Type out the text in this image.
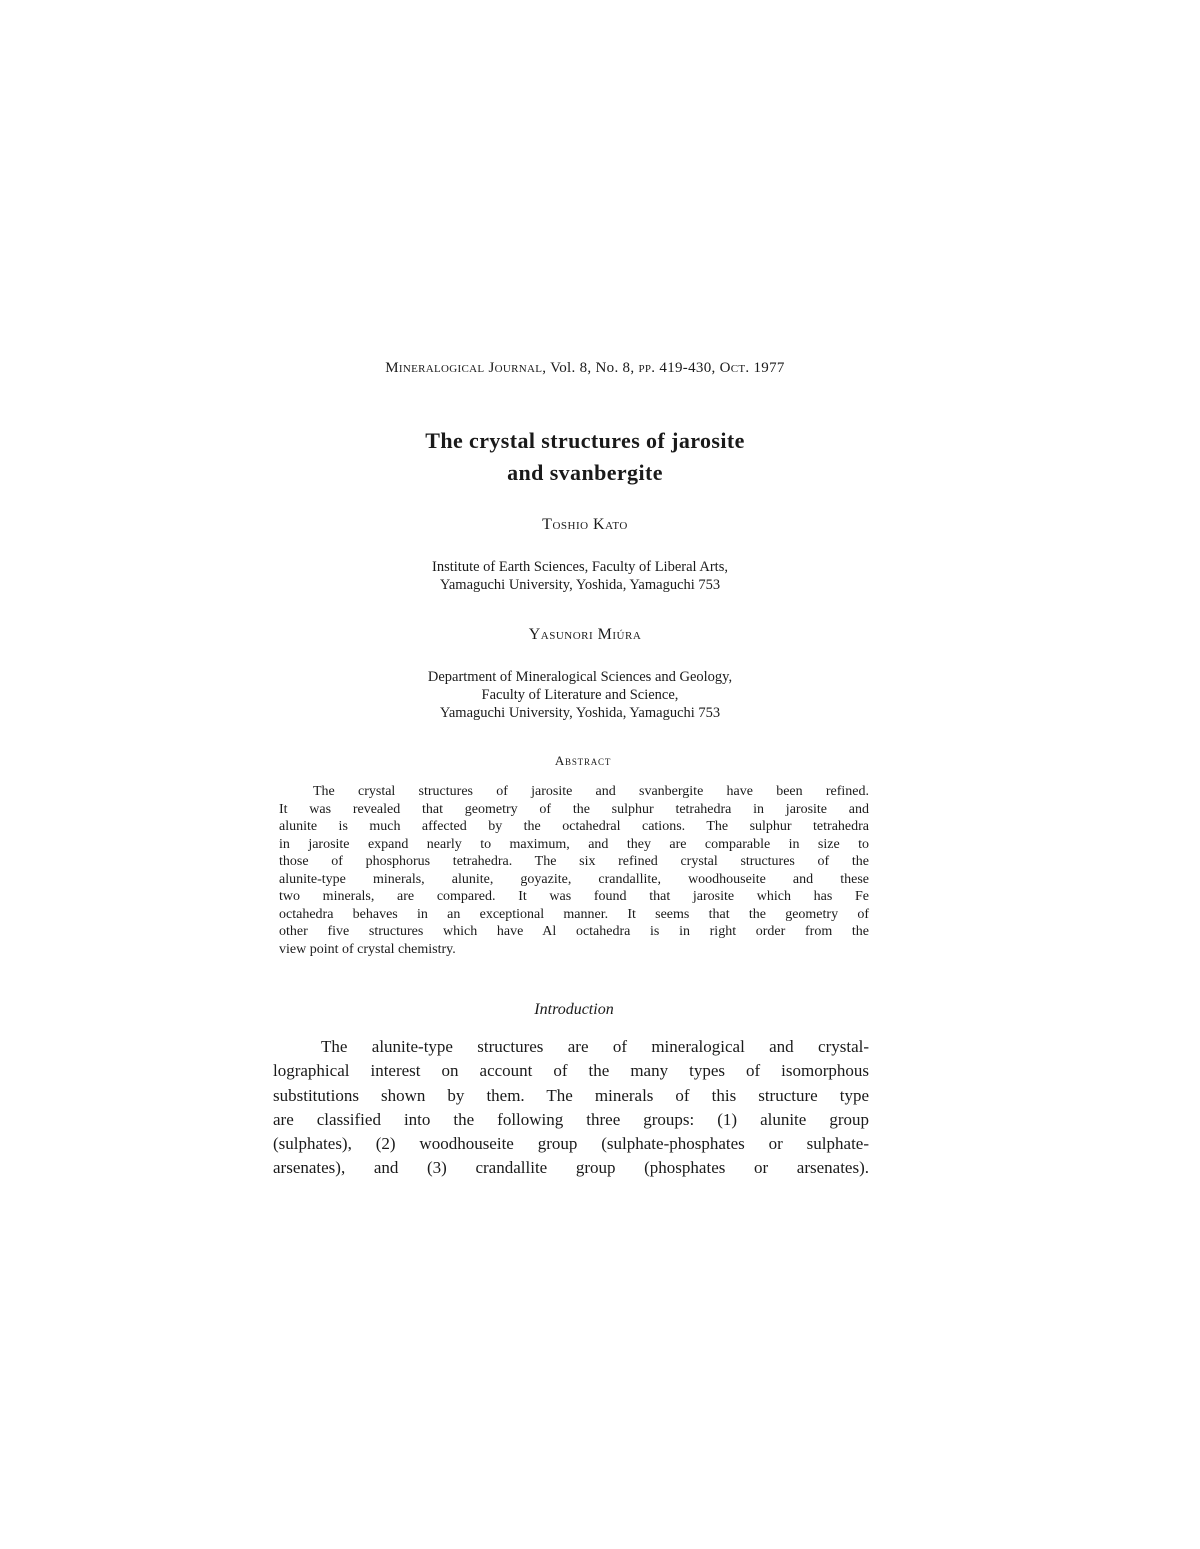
Mineralogical Journal, Vol. 8, No. 8, pp. 419-430, Oct. 1977
The crystal structures of jarosite
and svanbergite
Toshio Kato
Institute of Earth Sciences, Faculty of Liberal Arts,
Yamaguchi University, Yoshida, Yamaguchi 753
Yasunori Miúra
Department of Mineralogical Sciences and Geology,
Faculty of Literature and Science,
Yamaguchi University, Yoshida, Yamaguchi 753
Abstract
The crystal structures of jarosite and svanbergite have been refined.
It was revealed that geometry of the sulphur tetrahedra in jarosite and
alunite is much affected by the octahedral cations. The sulphur tetrahedra
in jarosite expand nearly to maximum, and they are comparable in size to
those of phosphorus tetrahedra. The six refined crystal structures of the
alunite-type minerals, alunite, goyazite, crandallite, woodhouseite and these
two minerals, are compared. It was found that jarosite which has Fe
octahedra behaves in an exceptional manner. It seems that the geometry of
other five structures which have Al octahedra is in right order from the
view point of crystal chemistry.
Introduction
The alunite-type structures are of mineralogical and crystal-
lographical interest on account of the many types of isomorphous
substitutions shown by them. The minerals of this structure type
are classified into the following three groups: (1) alunite group
(sulphates), (2) woodhouseite group (sulphate-phosphates or sulphate-
arsenates), and (3) crandallite group (phosphates or arsenates).
